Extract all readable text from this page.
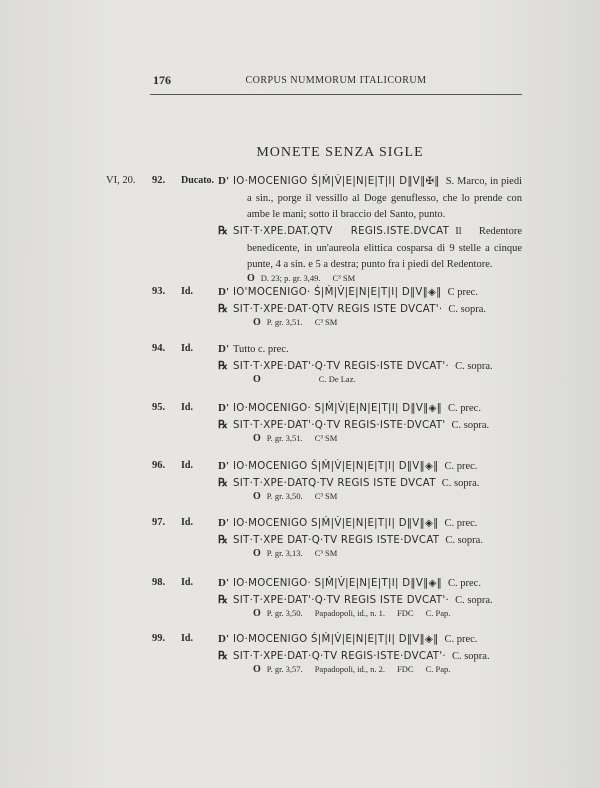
176	CORPUS NUMMORUM ITALICORUM
MONETE SENZA SIGLE
VI, 20. 92. Ducato. D' IO·MOCENIGO Ś|Ṁ|V̇|E|N|E|T|I| D‖V‖✠‖ S. Marco, in piedi a sin., porge il vessillo al Doge genuflesso, che lo prende con ambe le mani; sotto il braccio del Santo, punto.
℞ SIT·T·XPE.DAT.QTV REGIS.ISTE.DVCAT Il Redentore benedicente, in un'aureola elittica cosparsa di 9 stelle a cinque punte, 4 a sin. e 5 a destra; punto fra i piedi del Redentore.
O D. 23; p. gr. 3,49. C³ SM
93. Id. D' IO'MOCENIGO· Ś|Ṁ|V̇|E|N|E|T|I| D‖V‖◈‖ C prec.
℞ SIT·T·XPE·DAT·QTV REGIS ISTE DVCAT'· C. sopra.
O P. gr. 3,51. C³ SM
94. Id. D' Tutto c. prec.
℞ SIT·T·XPE·DAT'·Q·TV REGIS·ISTE DVCAT'· C. sopra.
O	C. De Laz.
95. Id. D' IO·MOCENIGO· S|Ṁ|V̇|E|N|E|T|I| D‖V‖◈‖ C. prec.
℞ SIT·T·XPE·DAT'·Q·TV REGIS·ISTE·DVCAT' C. sopra.
O P. gr. 3,51. C³ SM
96. Id. D' IO·MOCENIGO Ś|Ṁ|V̇|E|N|E|T|I| D‖V‖◈‖ C. prec.
℞ SIT·T·XPE·DATQ·TV REGIS ISTE DVCAT C. sopra.
O P. gr. 3,50. C³ SM
97. Id. D' IO·MOCENIGO S|Ṁ|V̇|E|N|E|T|I| D‖V‖◈‖ C. prec.
℞ SIT·T·XPE DAT·Q·TV REGIS ISTE·DVCAT C. sopra.
O P. gr. 3,13. C³ SM
98. Id. D' IO·MOCENIGO· S|Ṁ|V̇|E|N|E|T|I| D‖V‖◈‖ C. prec.
℞ SIT·T·XPE·DAT'·Q·TV REGIS ISTE DVCAT'· C. sopra.
O P. gr. 3,50. Papadopoli, id., n. 1. FDC C. Pap.
99. Id. D' IO·MOCENIGO Ś|Ṁ|V̇|E|N|E|T|I| D‖V‖◈‖ C. prec.
℞ SIT·T·XPE·DAT·Q·TV REGIS·ISTE·DVCAT'· C. sopra.
O P. gr. 3,57. Papadopoli, id., n. 2. FDC C. Pap.
